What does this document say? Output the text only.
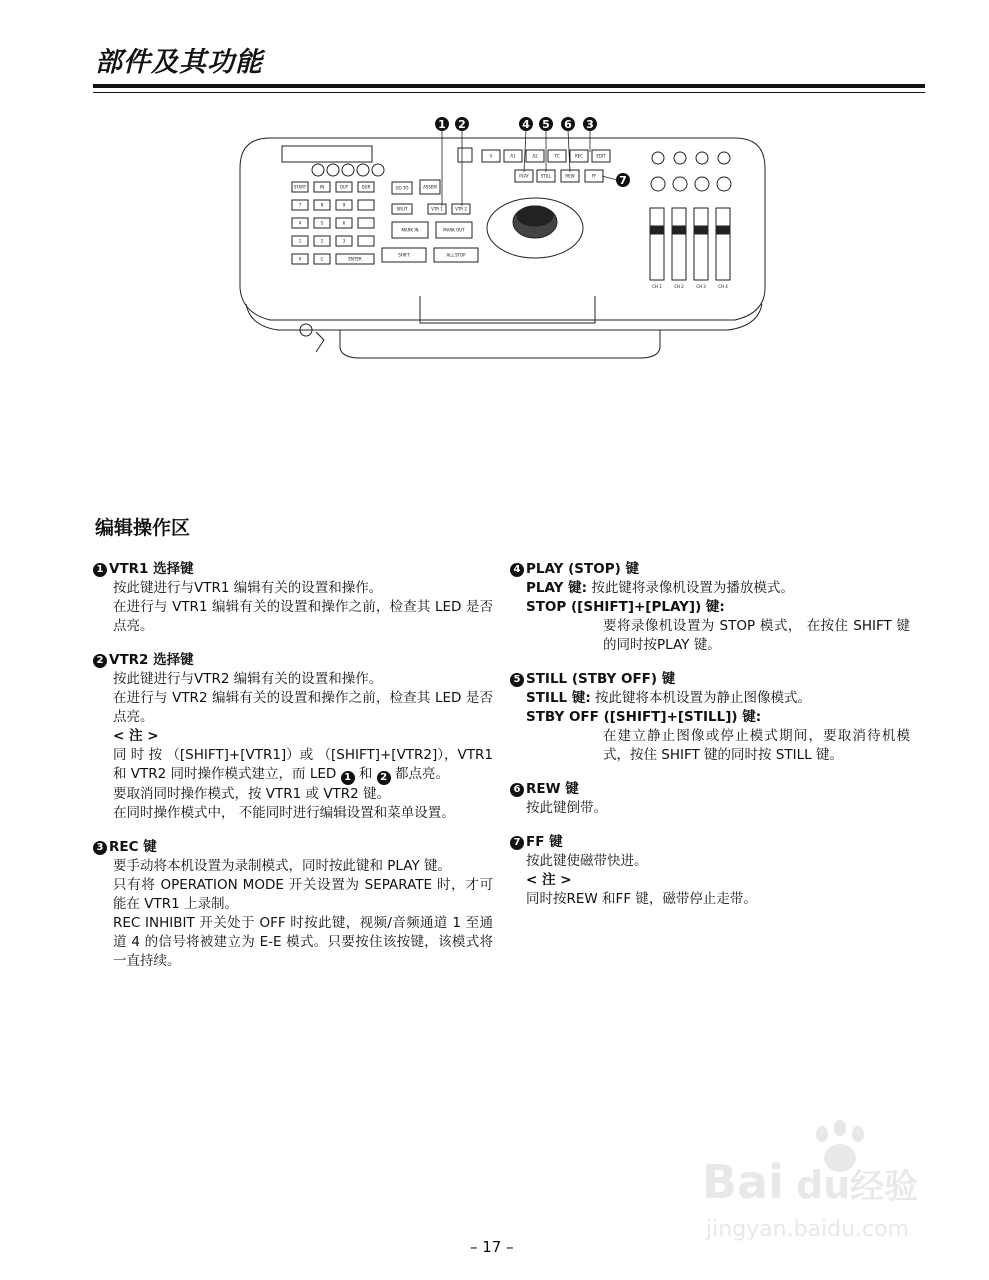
部件及其功能
START	IN	OUT	DUR
7	8	9
4	5	6
1	2	3
0	C	ENTER
GO TO	ASSEM
SPLIT	VTR 1	VTR 2
MARK IN	MARK OUT
SHIFT	ALL STOP
V	A1	A2	TC	REC	EDIT
PLAY	STILL	REW	FF
CH 1	CH 2	CH 3	CH 4
1 2	4 5 6 3
7
编辑操作区
1 VTR1 选择键
按此键进行与VTR1 编辑有关的设置和操作。
在进行与 VTR1 编辑有关的设置和操作之前，检查其 LED 是否点亮。
2 VTR2 选择键
按此键进行与VTR2 编辑有关的设置和操作。
在进行与 VTR2 编辑有关的设置和操作之前，检查其 LED 是否点亮。
< 注 >
同 时 按 （[SHIFT]+[VTR1]）或 （[SHIFT]+[VTR2]），VTR1 和 VTR2 同时操作模式建立，而 LED 1 和 2 都点亮。
要取消同时操作模式，按 VTR1 或 VTR2 键。
在同时操作模式中， 不能同时进行编辑设置和菜单设置。
3 REC 键
要手动将本机设置为录制模式，同时按此键和 PLAY 键。
只有将 OPERATION MODE 开关设置为 SEPARATE 时，才可能在 VTR1 上录制。
REC INHIBIT 开关处于 OFF 时按此键，视频/音频通道 1 至通道 4 的信号将被建立为 E-E 模式。只要按住该按键，该模式将一直持续。
4 PLAY (STOP) 键
PLAY 键: 按此键将录像机设置为播放模式。
STOP ([SHIFT]+[PLAY]) 键:
要将录像机设置为 STOP 模式， 在按住 SHIFT 键的同时按PLAY 键。
5 STILL (STBY OFF) 键
STILL 键: 按此键将本机设置为静止图像模式。
STBY OFF ([SHIFT]+[STILL]) 键:
在建立静止图像或停止模式期间，要取消待机模式，按住 SHIFT 键的同时按 STILL 键。
6 REW 键
按此键倒带。
7 FF 键
按此键使磁带快进。
< 注 >
同时按REW 和FF 键，磁带停止走带。
Bai du 经验
jingyan.baidu.com
– 17 –
